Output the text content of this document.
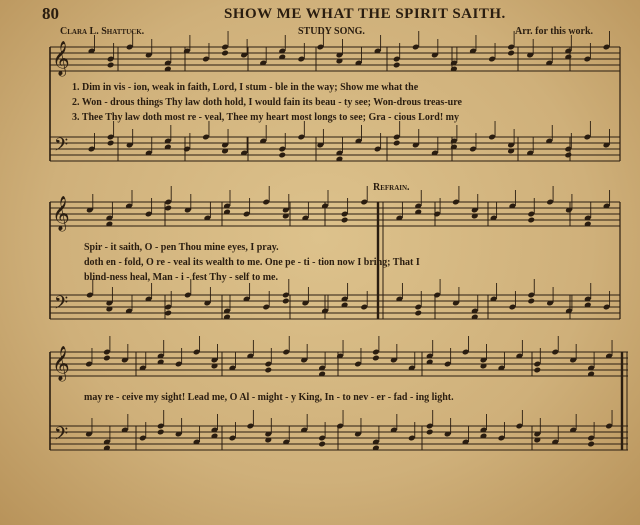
𝄞
𝄢
𝄞
𝄢
𝄞
𝄢
80	SHOW ME WHAT THE SPIRIT SAITH.
Clara L. Shattuck.	STUDY SONG.	Arr. for this work.
Refrain.
1. Dim in vis - ion, weak in faith, Lord, I stum - ble in the way; Show me what the
2. Won - drous things Thy law doth hold, I would fain its beau - ty see; Won-drous treas-ure
3. Thee Thy law doth most re - veal, Thee my heart most longs to see; Gra - cious Lord! my
Spir - it saith, O - pen Thou mine eyes, I pray.
doth en - fold, O re - veal its wealth to me. One pe - ti - tion now I bring; That I
blind-ness heal, Man - i - fest Thy - self to me.
may re - ceive my sight! Lead me, O Al - might - y King, In - to nev - er - fad - ing light.
